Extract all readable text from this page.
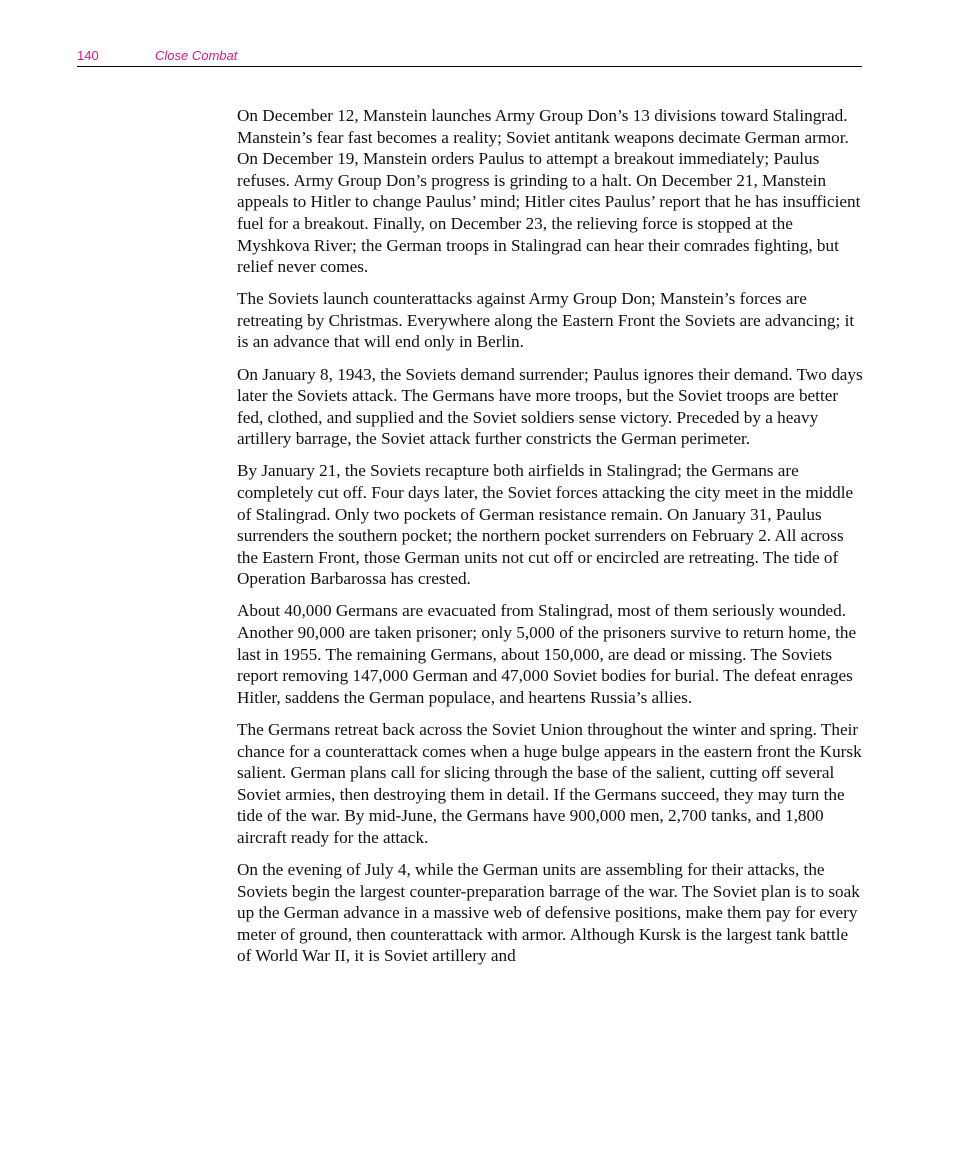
140	Close Combat

On December 12, Manstein launches Army Group Don’s 13 divisions toward Stalingrad. Manstein’s fear fast becomes a reality; Soviet antitank weapons decimate German armor. On December 19, Manstein orders Paulus to attempt a breakout immediately; Paulus refuses. Army Group Don’s progress is grinding to a halt. On December 21, Manstein appeals to Hitler to change Paulus’ mind; Hitler cites Paulus’ report that he has insufficient fuel for a breakout. Finally, on December 23, the relieving force is stopped at the Myshkova River; the German troops in Stalingrad can hear their comrades fighting, but relief never comes.

The Soviets launch counterattacks against Army Group Don; Manstein’s forces are retreating by Christmas. Everywhere along the Eastern Front the Soviets are advancing; it is an advance that will end only in Berlin.

On January 8, 1943, the Soviets demand surrender; Paulus ignores their demand. Two days later the Soviets attack. The Germans have more troops, but the Soviet troops are better fed, clothed, and supplied and the Soviet soldiers sense victory. Preceded by a heavy artillery barrage, the Soviet attack further constricts the German perimeter.

By January 21, the Soviets recapture both airfields in Stalingrad; the Germans are completely cut off. Four days later, the Soviet forces attacking the city meet in the middle of Stalingrad. Only two pockets of German resistance remain. On January 31, Paulus surrenders the southern pocket; the northern pocket surrenders on February 2. All across the Eastern Front, those German units not cut off or encircled are retreating. The tide of Operation Barbarossa has crested.

About 40,000 Germans are evacuated from Stalingrad, most of them seriously wounded. Another 90,000 are taken prisoner; only 5,000 of the prisoners survive to return home, the last in 1955. The remaining Germans, about 150,000, are dead or missing. The Soviets report removing 147,000 German and 47,000 Soviet bodies for burial. The defeat enrages Hitler, saddens the German populace, and heartens Russia’s allies.

The Germans retreat back across the Soviet Union throughout the winter and spring. Their chance for a counterattack comes when a huge bulge appears in the eastern front the Kursk salient. German plans call for slicing through the base of the salient, cutting off several Soviet armies, then destroying them in detail. If the Germans succeed, they may turn the tide of the war. By mid-June, the Germans have 900,000 men, 2,700 tanks, and 1,800 aircraft ready for the attack.

On the evening of July 4, while the German units are assembling for their attacks, the Soviets begin the largest counter-preparation barrage of the war. The Soviet plan is to soak up the German advance in a massive web of defensive positions, make them pay for every meter of ground, then counterattack with armor. Although Kursk is the largest tank battle of World War II, it is Soviet artillery and
